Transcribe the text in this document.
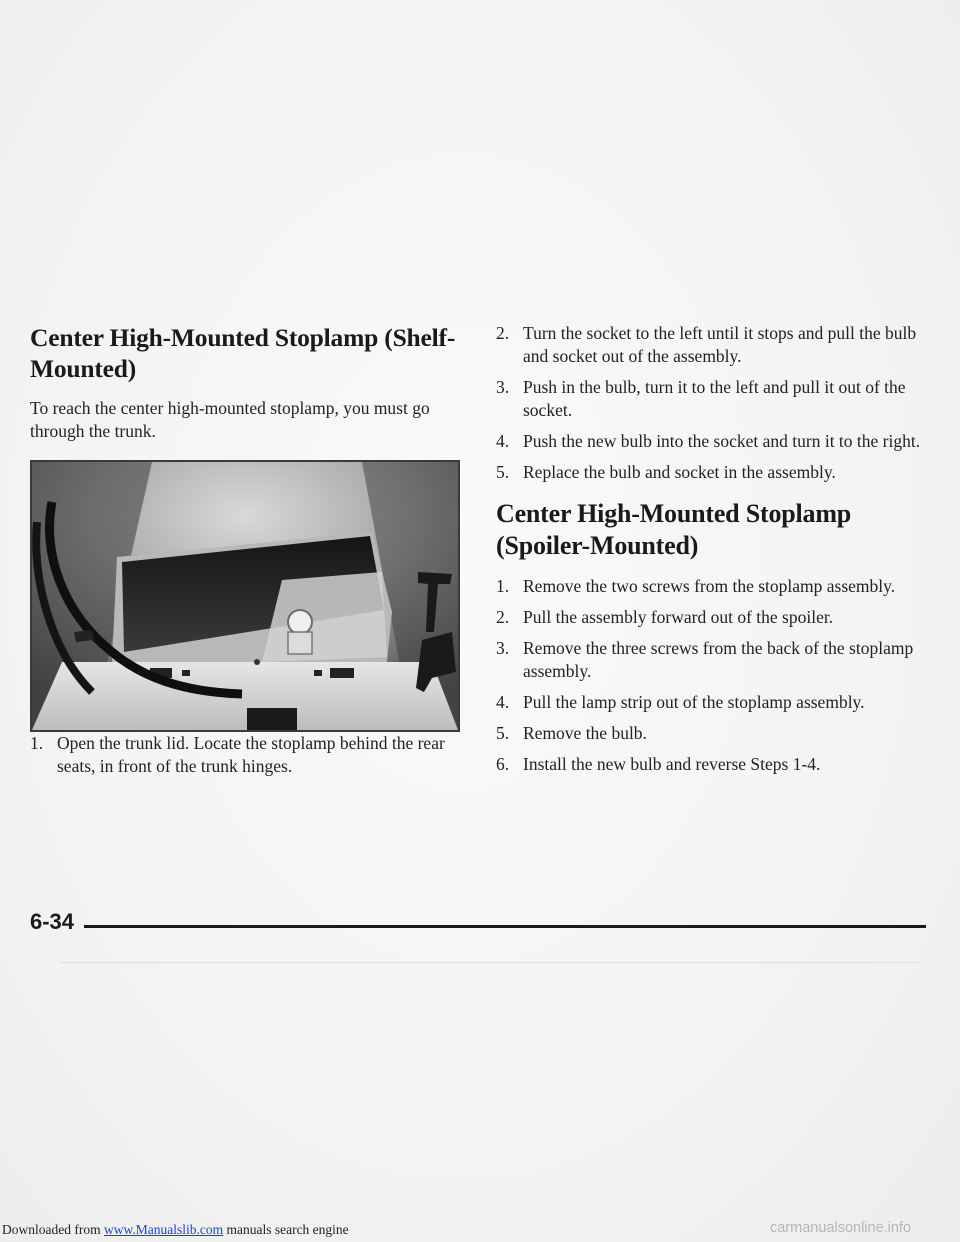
Center High-Mounted Stoplamp (Shelf-Mounted)

To reach the center high-mounted stoplamp, you must go through the trunk.

1. Open the trunk lid. Locate the stoplamp behind the rear seats, in front of the trunk hinges.
2. Turn the socket to the left until it stops and pull the bulb and socket out of the assembly.
3. Push in the bulb, turn it to the left and pull it out of the socket.
4. Push the new bulb into the socket and turn it to the right.
5. Replace the bulb and socket in the assembly.
Center High-Mounted Stoplamp (Spoiler-Mounted)
1. Remove the two screws from the stoplamp assembly.
2. Pull the assembly forward out of the spoiler.
3. Remove the three screws from the back of the stoplamp assembly.
4. Pull the lamp strip out of the stoplamp assembly.
5. Remove the bulb.
6. Install the new bulb and reverse Steps 1-4.
6-34
Downloaded from www.Manualslib.com manuals search engine	carmanualsonline.info
